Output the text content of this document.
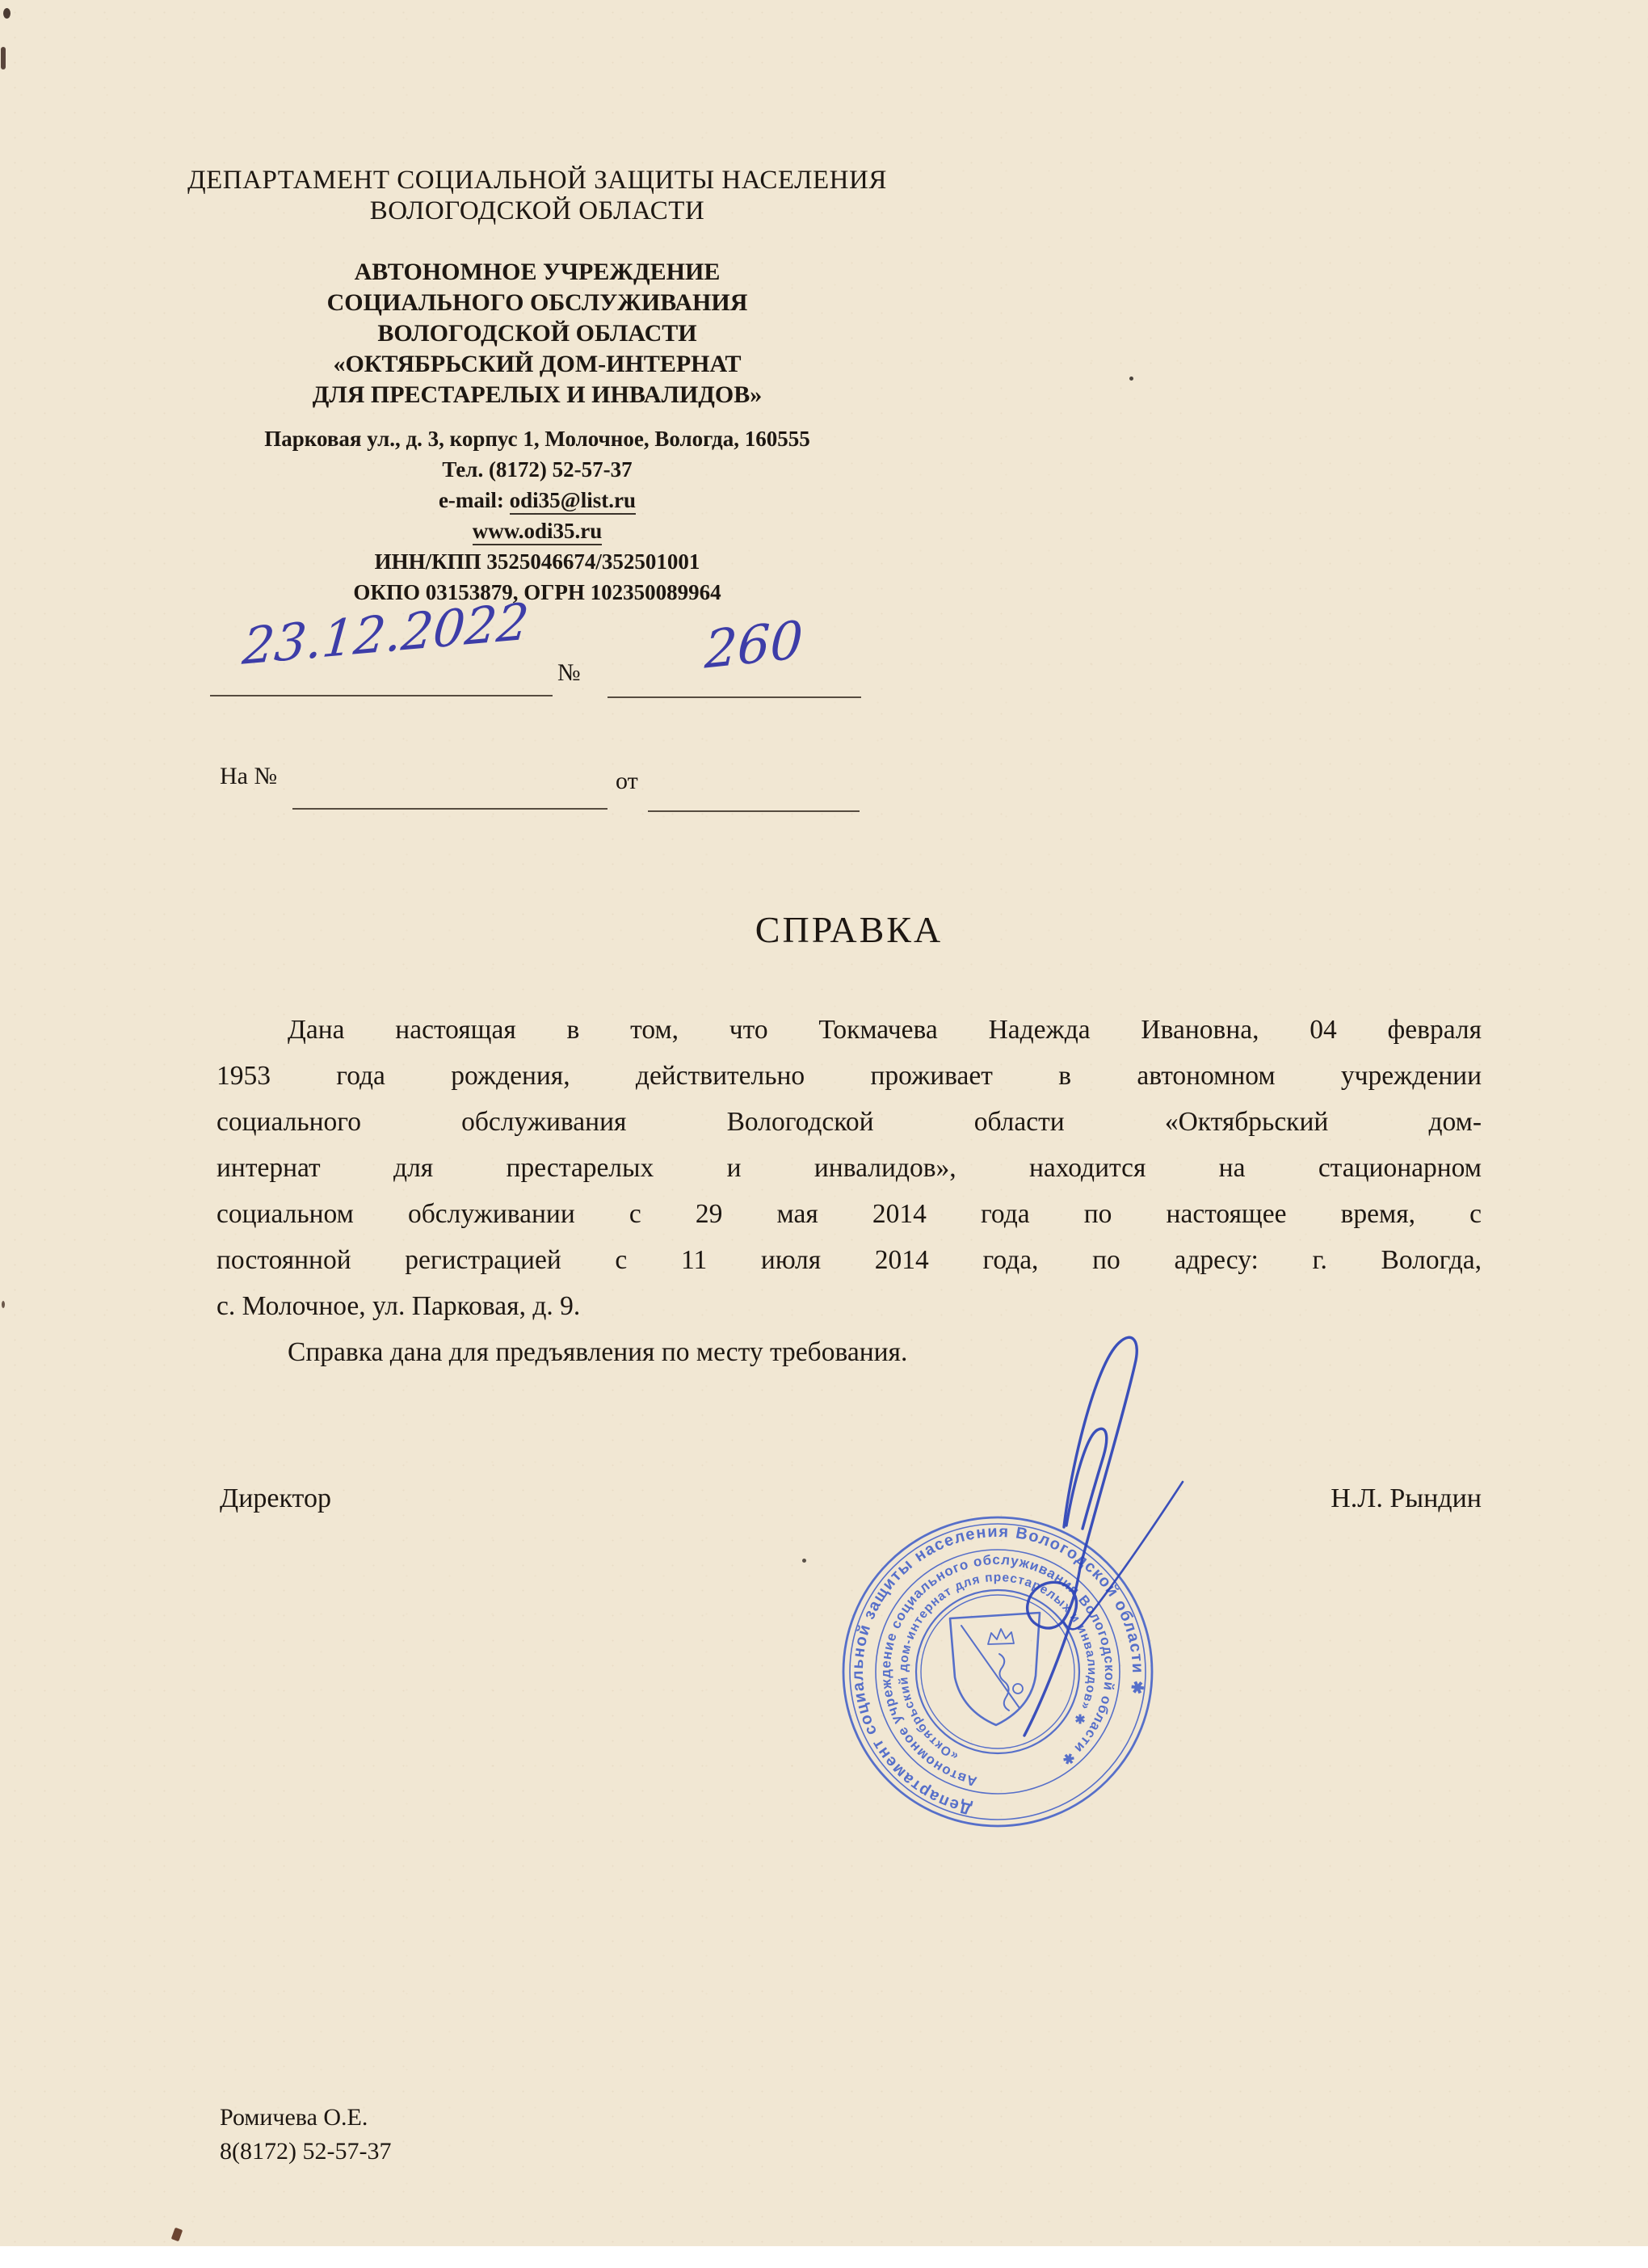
ДЕПАРТАМЕНТ СОЦИАЛЬНОЙ ЗАЩИТЫ НАСЕЛЕНИЯ
ВОЛОГОДСКОЙ ОБЛАСТИ
АВТОНОМНОЕ УЧРЕЖДЕНИЕ
СОЦИАЛЬНОГО ОБСЛУЖИВАНИЯ
ВОЛОГОДСКОЙ ОБЛАСТИ
«ОКТЯБРЬСКИЙ ДОМ-ИНТЕРНАТ
ДЛЯ ПРЕСТАРЕЛЫХ И ИНВАЛИДОВ»
Парковая ул., д. 3, корпус 1, Молочное, Вологда, 160555
Тел. (8172) 52-57-37
e-mail: odi35@list.ru
www.odi35.ru
ИНН/КПП 3525046674/352501001
ОКПО 03153879, ОГРН 102350089964
23.12.2022 № 260
На №	от
СПРАВКА
Дана настоящая в том, что Токмачева Надежда Ивановна, 04 февраля
1953 года рождения, действительно проживает в автономном учреждении
социального обслуживания Вологодской области «Октябрьский дом-
интернат для престарелых и инвалидов», находится на стационарном
социальном обслуживании с 29 мая 2014 года по настоящее время, с
постоянной регистрацией с 11 июля 2014 года, по адресу: г. Вологда,
с. Молочное, ул. Парковая, д. 9.
Справка дана для предъявления по месту требования.
Директор	Н.Л. Рындин
Департамент социальной защиты населения Вологодской области ✱
Автономное учреждение социального обслуживания Вологодской области ✱
«Октябрьский дом-интернат для престарелых и инвалидов» ✱
Ромичева О.Е.
8(8172) 52-57-37
